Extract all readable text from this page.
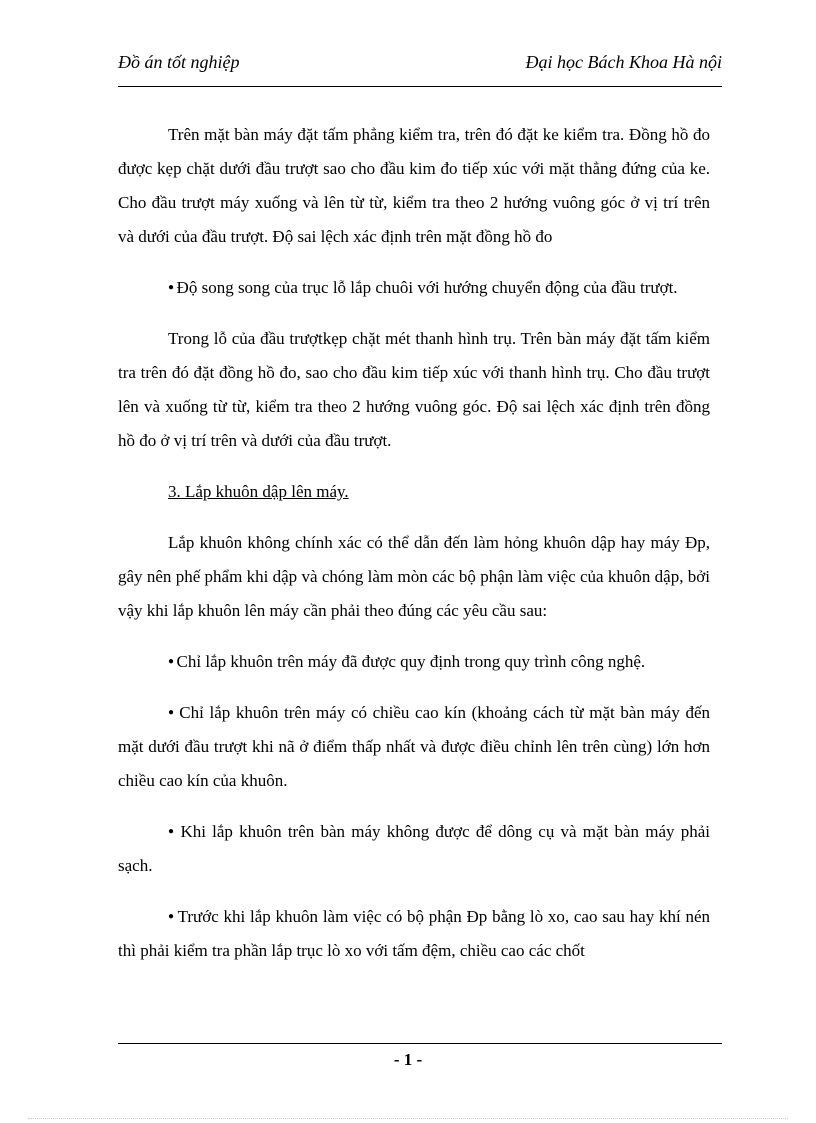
Đồ án tốt nghiệp	Đại học Bách Khoa Hà nội

Trên mặt bàn máy đặt tấm phẳng kiểm tra, trên đó đặt ke kiểm tra. Đồng hồ đo được kẹp chặt dưới đầu trượt sao cho đầu kim đo tiếp xúc với mặt thẳng đứng của ke. Cho đầu trượt máy xuống và lên từ từ, kiểm tra theo 2 hướng vuông góc ở vị trí trên và dưới của đầu trượt. Độ sai lệch xác định trên mặt đồng hồ đo

● Độ song song của trục lỗ lắp chuôi với hướng chuyển động của đầu trượt.

Trong lỗ của đầu trượtkẹp chặt mét thanh hình trụ. Trên bàn máy đặt tấm kiểm tra trên đó đặt đồng hồ đo, sao cho đầu kim tiếp xúc với thanh hình trụ. Cho đầu trượt lên và xuống từ từ, kiểm tra theo 2 hướng vuông góc. Độ sai lệch xác định trên đồng hồ đo ở vị trí trên và dưới của đầu trượt.

3. Lắp khuôn dập lên máy.

Lắp khuôn không chính xác có thể dẫn đến làm hỏng khuôn dập hay máy Đp, gây nên phế phẩm khi dập và chóng làm mòn các bộ phận làm việc của khuôn dập, bởi vậy khi lắp khuôn lên máy cần phải theo đúng các yêu cầu sau:

● Chỉ lắp khuôn trên máy đã được quy định trong quy trình công nghệ.

● Chỉ lắp khuôn trên máy có chiều cao kín (khoảng cách từ mặt bàn máy đến mặt dưới đầu trượt khi nã ở điểm thấp nhất và được điều chỉnh lên trên cùng) lớn hơn chiều cao kín của khuôn.

● Khi lắp khuôn trên bàn máy không được để dông cụ và mặt bàn máy phải sạch.

● Trước khi lắp khuôn làm việc có bộ phận Đp bằng lò xo, cao sau hay khí nén thì phải kiểm tra phần lắp trục lò xo với tấm đệm, chiều cao các chốt

- 1 -
